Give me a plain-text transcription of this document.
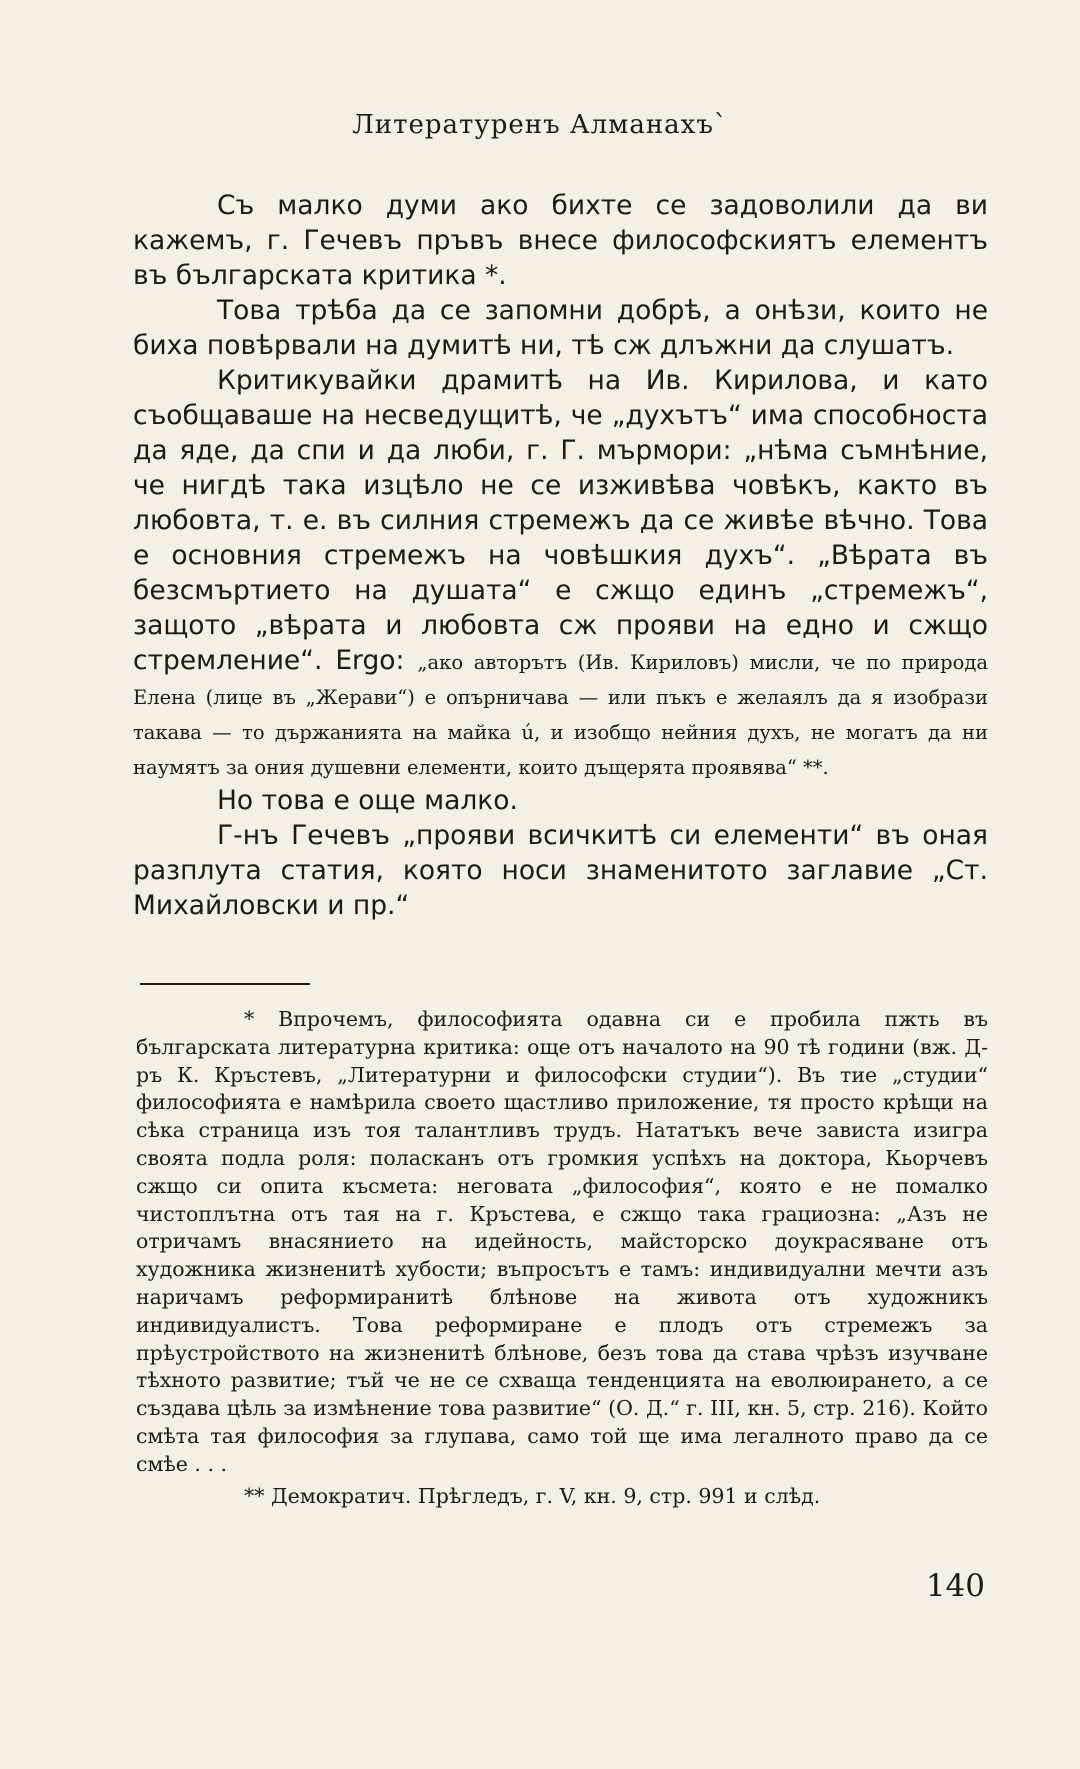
Литературенъ Алманахъ`

Съ малко думи ако бихте се задоволили да ви кажемъ, г. Гечевъ пръвъ внесе философскиятъ елементъ въ българската критика *.

Това трѣба да се запомни добрѣ, а онѣзи, които не биха повѣрвали на думитѣ ни, тѣ сж длъжни да слушатъ.

Критикувайки драмитѣ на Ив. Кирилова, и като съобщаваше на несведущитѣ, че „духътъ“ има способноста да яде, да спи и да люби, г. Г. мърмори: „нѣма съмнѣние, че нигдѣ така изцѣло не се изживѣва човѣкъ, както въ любовта, т. е. въ силния стремежъ да се живѣе вѣчно. Това е основния стремежъ на човѣшкия духъ“. „Вѣрата въ безсмъртието на душата“ е сжщо единъ „стремежъ“, защото „вѣрата и любовта сж прояви на едно и сжщо стремление“. Ergo: „ако авторътъ (Ив. Кириловъ) мисли, че по природа Елена (лице въ „Жерави“) е опърничава — или пъкъ е желаялъ да я изобрази такава — то държанията на майка ú, и изобщо нейния духъ, не могатъ да ни наумятъ за ония душевни елементи, които дъщерята проявява“ **.

Но това е още малко.

Г-нъ Гечевъ „прояви всичкитѣ си елементи“ въ оная разплута статия, която носи знаменитото заглавие „Ст. Михайловски и пр.“

* Впрочемъ, философията одавна си е пробила пжть въ българската литературна критика: още отъ началото на 90 тѣ години (вж. Д-ръ К. Кръстевъ, „Литературни и философски студии“). Въ тие „студии“ философията е намѣрила своето щастливо приложение, тя просто крѣщи на сѣка страница изъ тоя талантливъ трудъ. Нататъкъ вече зависта изигра своята подла роля: поласканъ отъ громкия успѣхъ на доктора, Кьорчевъ сжщо си опита късмета: неговата „философия“, която е не помалко чистоплътна отъ тая на г. Кръстева, е сжщо така грациозна: „Азъ не отричамъ внасянието на идейность, майсторско доукрасяване отъ художника жизненитѣ хубости; въпросътъ е тамъ: индивидуални мечти азъ наричамъ реформиранитѣ блѣнове на живота отъ художникъ индивидуалистъ. Това реформиране е плодъ отъ стремежъ за прѣустройството на жизненитѣ блѣнове, безъ това да става чрѣзъ изучване тѣхното развитие; тъй че не се схваща тенденцията на еволюирането, а се създава цѣль за измѣнение това развитие“ (О. Д.“ г. III, кн. 5, стр. 216). Който смѣта тая философия за глупава, само той ще има легалното право да се смѣе . . .

** Демократич. Прѣгледъ, г. V, кн. 9, стр. 991 и слѣд.

140
